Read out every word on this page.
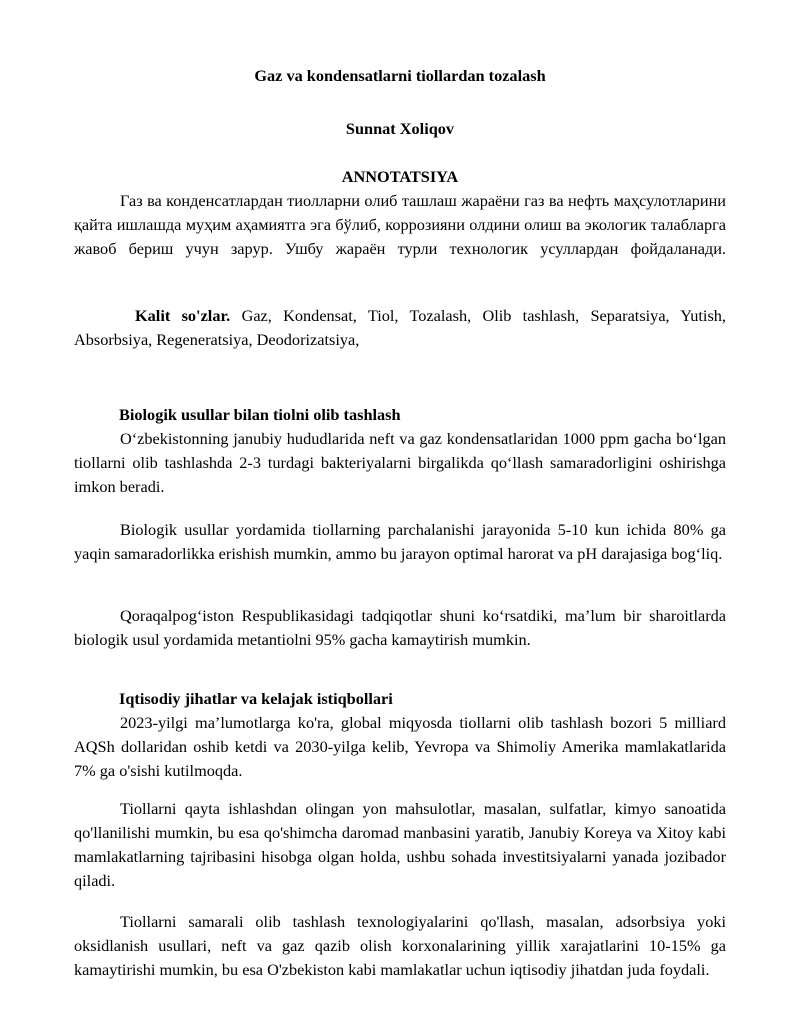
Gaz va kondensatlarni tiollardan tozalash
Sunnat Xoliqov
ANNOTATSIYA

Газ ва конденсатлардан тиолларни олиб ташлаш жараёни газ ва нефть маҳсулотларини қайта ишлашда муҳим аҳамиятга эга бўлиб, коррозияни олдини олиш ва экологик талабларга жавоб бериш учун зарур. Ушбу жараён турли технологик усуллардан фойдаланади.

Kalit so'zlar. Gaz, Kondensat, Tiol, Tozalash, Olib tashlash, Separatsiya, Yutish, Absorbsiya, Regeneratsiya, Deodorizatsiya,

Biologik usullar bilan tiolni olib tashlash

O‘zbekistonning janubiy hududlarida neft va gaz kondensatlaridan 1000 ppm gacha bo‘lgan tiollarni olib tashlashda 2-3 turdagi bakteriyalarni birgalikda qo‘llash samaradorligini oshirishga imkon beradi.

Biologik usullar yordamida tiollarning parchalanishi jarayonida 5-10 kun ichida 80% ga yaqin samaradorlikka erishish mumkin, ammo bu jarayon optimal harorat va pH darajasiga bog‘liq.

Qoraqalpog‘iston Respublikasidagi tadqiqotlar shuni ko‘rsatdiki, ma’lum bir sharoitlarda biologik usul yordamida metantiolni 95% gacha kamaytirish mumkin.

Iqtisodiy jihatlar va kelajak istiqbollari

2023-yilgi ma’lumotlarga ko'ra, global miqyosda tiollarni olib tashlash bozori 5 milliard AQSh dollaridan oshib ketdi va 2030-yilga kelib, Yevropa va Shimoliy Amerika mamlakatlarida 7% ga o'sishi kutilmoqda.

Tiollarni qayta ishlashdan olingan yon mahsulotlar, masalan, sulfatlar, kimyo sanoatida qo'llanilishi mumkin, bu esa qo'shimcha daromad manbasini yaratib, Janubiy Koreya va Xitoy kabi mamlakatlarning tajribasini hisobga olgan holda, ushbu sohada investitsiyalarni yanada jozibador qiladi.

Tiollarni samarali olib tashlash texnologiyalarini qo'llash, masalan, adsorbsiya yoki oksidlanish usullari, neft va gaz qazib olish korxonalarining yillik xarajatlarini 10-15% ga kamaytirishi mumkin, bu esa O'zbekiston kabi mamlakatlar uchun iqtisodiy jihatdan juda foydali.
